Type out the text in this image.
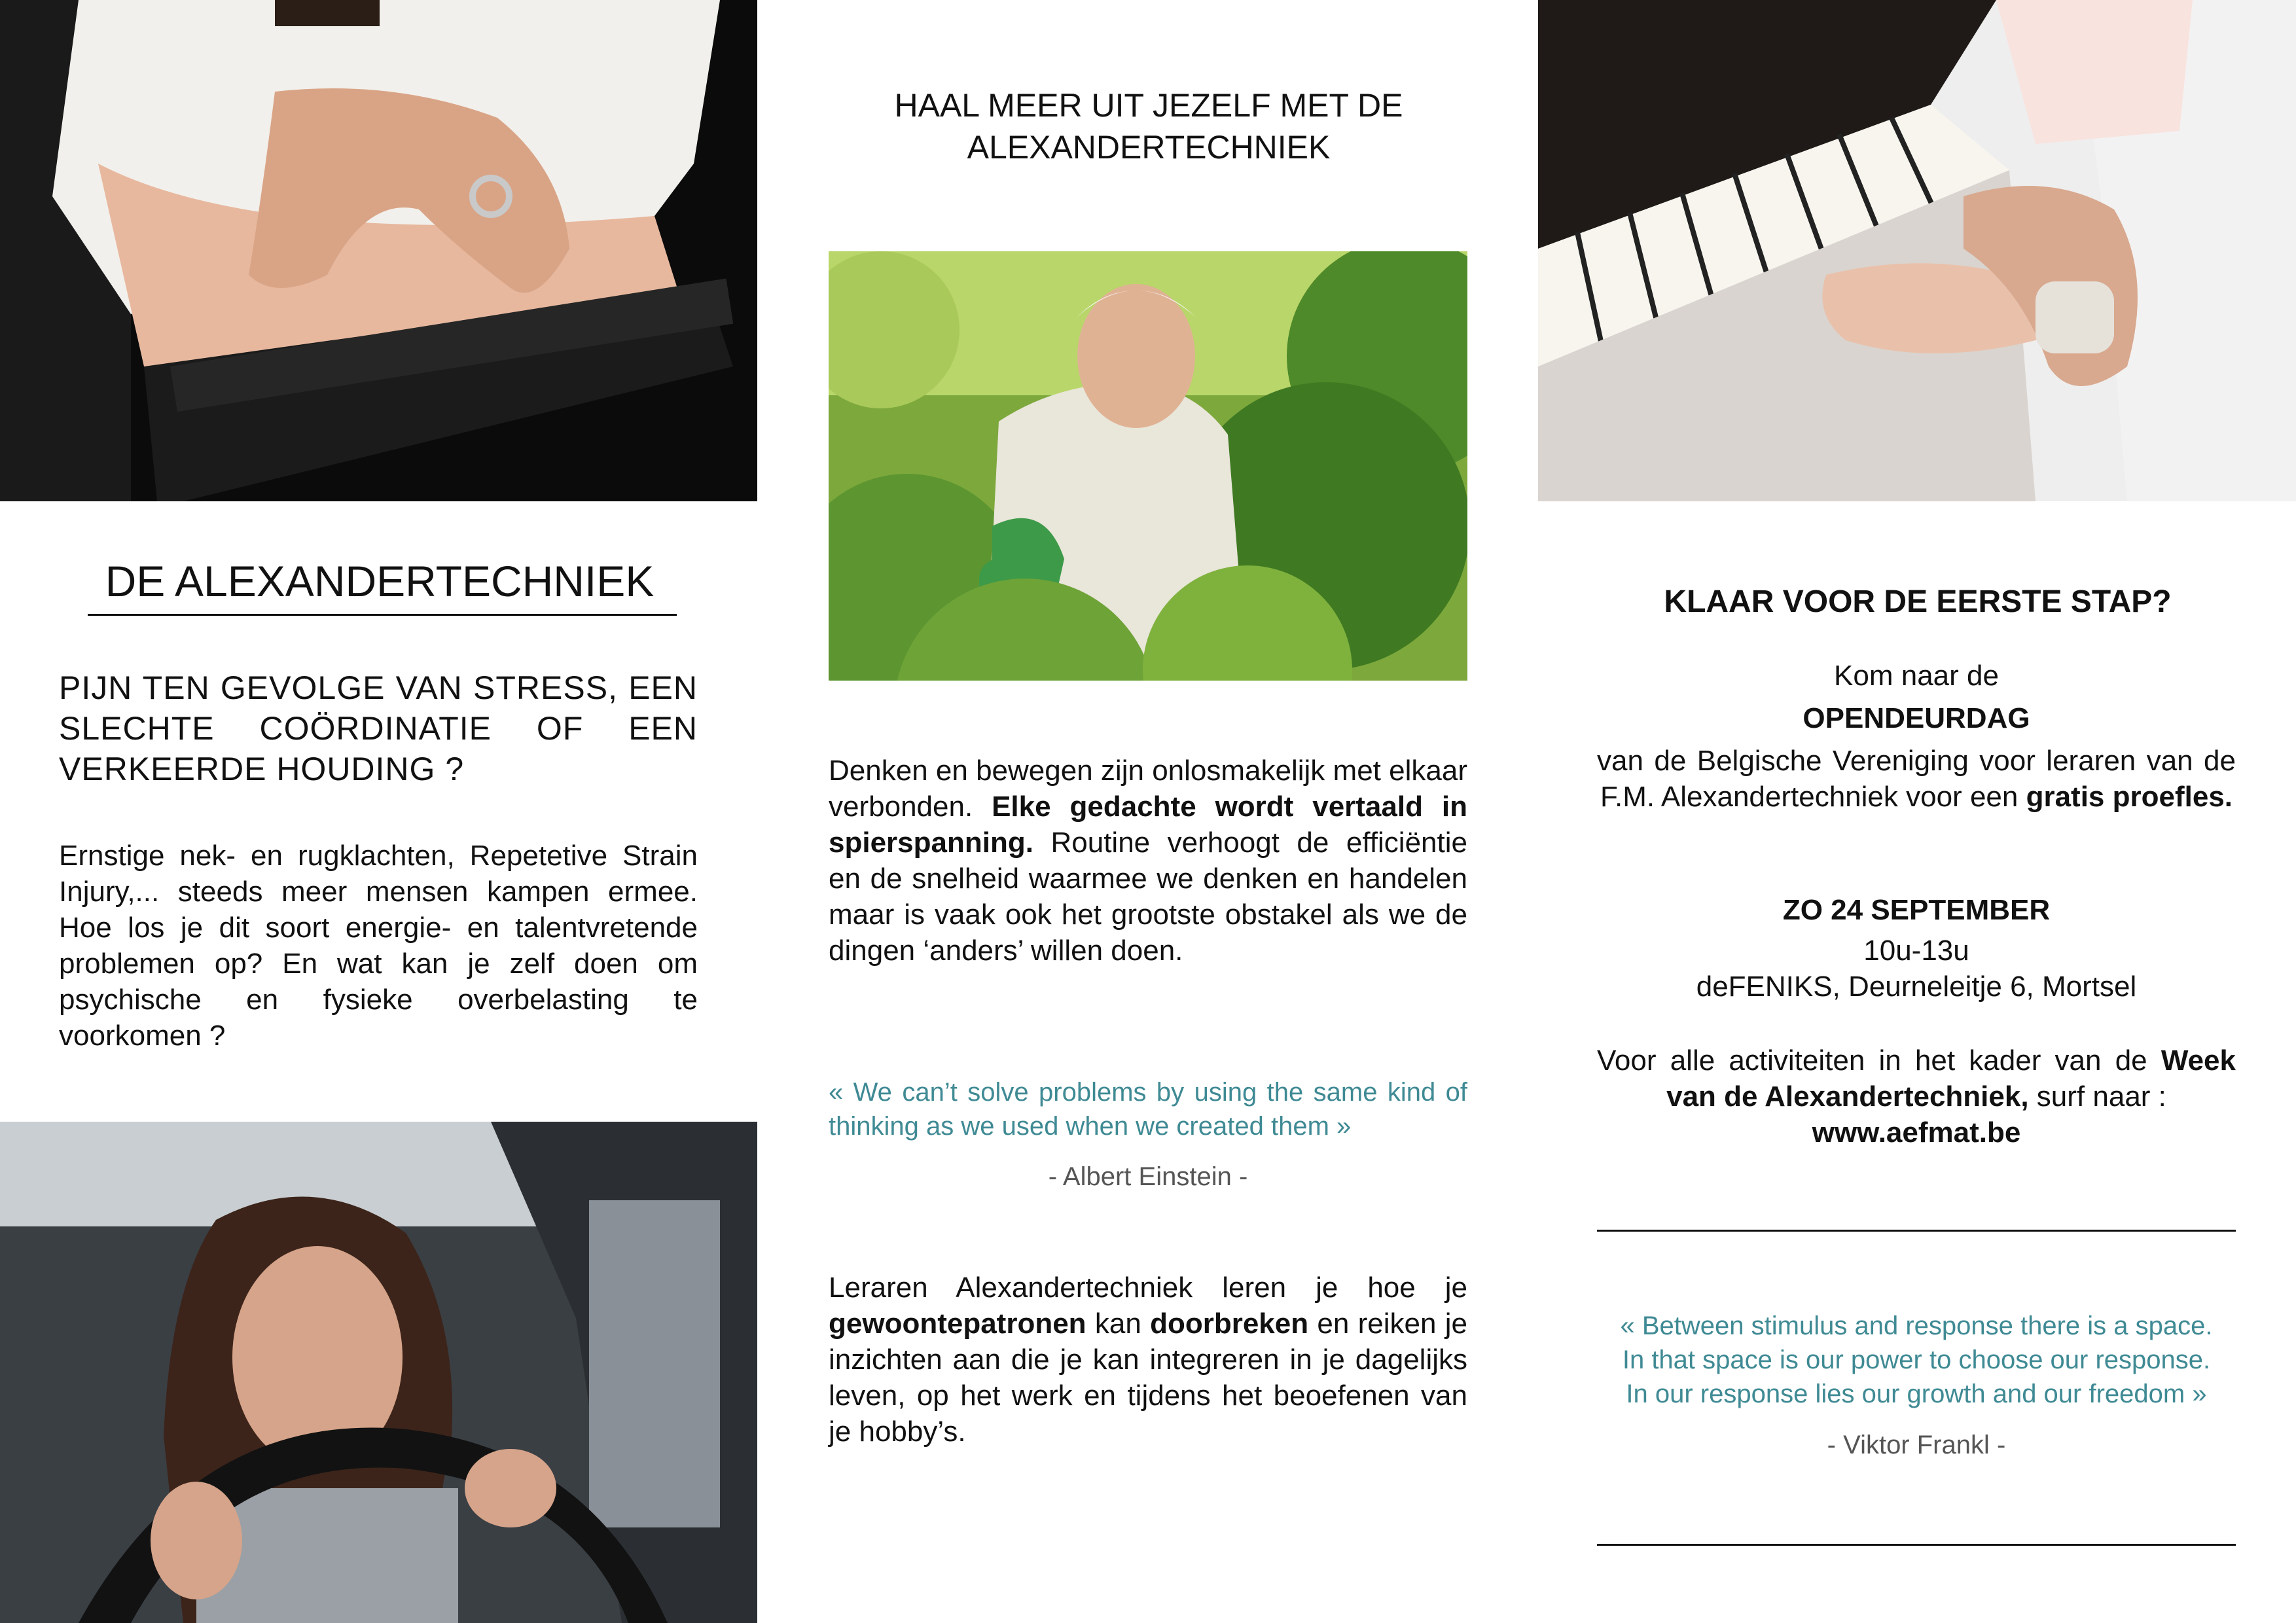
DE ALEXANDERTECHNIEK
PIJN TEN GEVOLGE VAN STRESS, EEN SLECHTE COÖRDINATIE OF EEN VERKEERDE HOUDING ?
Ernstige nek- en rugklachten, Repetetive Strain Injury,... steeds meer mensen kampen ermee. Hoe los je dit soort energie- en talentvretende problemen op? En wat kan je zelf doen om psychische en fysieke overbelasting te voorkomen ?
HAAL MEER UIT JEZELF MET DE
ALEXANDERTECHNIEK
Denken en bewegen zijn onlosmakelijk met elkaar verbonden. Elke gedachte wordt vertaald in spierspanning. Routine verhoogt de efficiëntie en de snelheid waarmee we denken en handelen maar is vaak ook het grootste obstakel als we de dingen ‘anders’ willen doen.
« We can’t solve problems by using the same kind of thinking as we used when we created them »
- Albert Einstein -
Leraren Alexandertechniek leren je hoe je gewoontepatronen kan doorbreken en reiken je inzichten aan die je kan integreren in je dagelijks leven, op het werk en tijdens het beoefenen van je hobby’s.
KLAAR VOOR DE EERSTE STAP?
Kom naar de
OPENDEURDAG
van de Belgische Vereniging voor leraren van de F.M. Alexandertechniek voor een gratis proefles.
ZO 24 SEPTEMBER
10u-13u
deFENIKS, Deurneleitje 6, Mortsel
Voor alle activiteiten in het kader van de Week van de Alexandertechniek, surf naar :
www.aefmat.be
« Between stimulus and response there is a space.
In that space is our power to choose our response.
In our response lies our growth and our freedom »
- Viktor Frankl -
